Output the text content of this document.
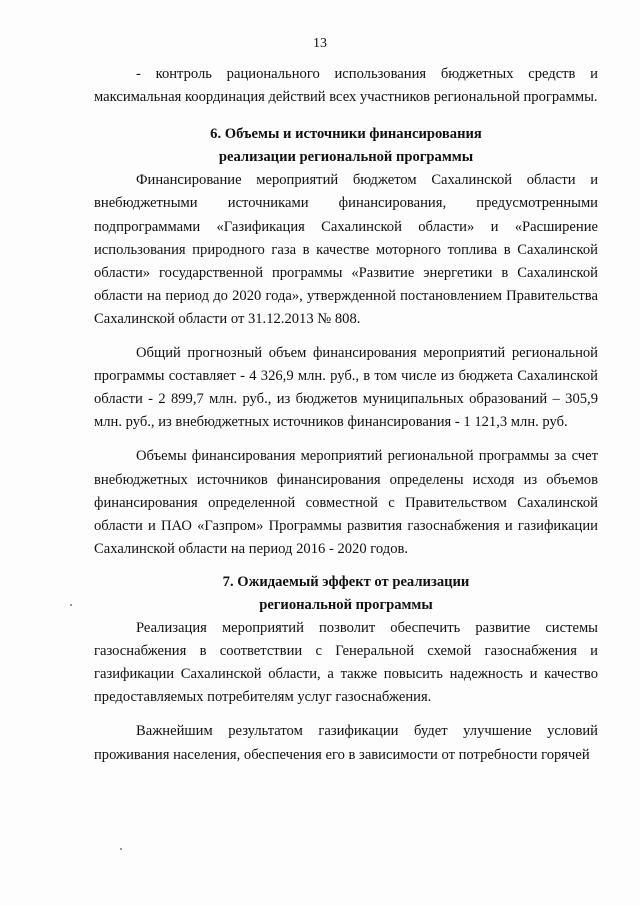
13

- контроль рационального использования бюджетных средств и максимальная координация действий всех участников региональной программы.

6. Объемы и источники финансирования
реализации региональной программы

Финансирование мероприятий бюджетом Сахалинской области и внебюджетными источниками финансирования, предусмотренными подпрограммами «Газификация Сахалинской области» и «Расширение использования природного газа в качестве моторного топлива в Сахалинской области» государственной программы «Развитие энергетики в Сахалинской области на период до 2020 года», утвержденной постановлением Правительства Сахалинской области от 31.12.2013 № 808.

Общий прогнозный объем финансирования мероприятий региональной программы составляет - 4 326,9 млн. руб., в том числе из бюджета Сахалинской области - 2 899,7 млн. руб., из бюджетов муниципальных образований – 305,9 млн. руб., из внебюджетных источников финансирования - 1 121,3 млн. руб.

Объемы финансирования мероприятий региональной программы за счет внебюджетных источников финансирования определены исходя из объемов финансирования определенной совместной с Правительством Сахалинской области и ПАО «Газпром» Программы развития газоснабжения и газификации Сахалинской области на период 2016 - 2020 годов.

7. Ожидаемый эффект от реализации
региональной программы

Реализация мероприятий позволит обеспечить развитие системы газоснабжения в соответствии с Генеральной схемой газоснабжения и газификации Сахалинской области, а также повысить надежность и качество предоставляемых потребителям услуг газоснабжения.

Важнейшим результатом газификации будет улучшение условий проживания населения, обеспечения его в зависимости от потребности горячей
